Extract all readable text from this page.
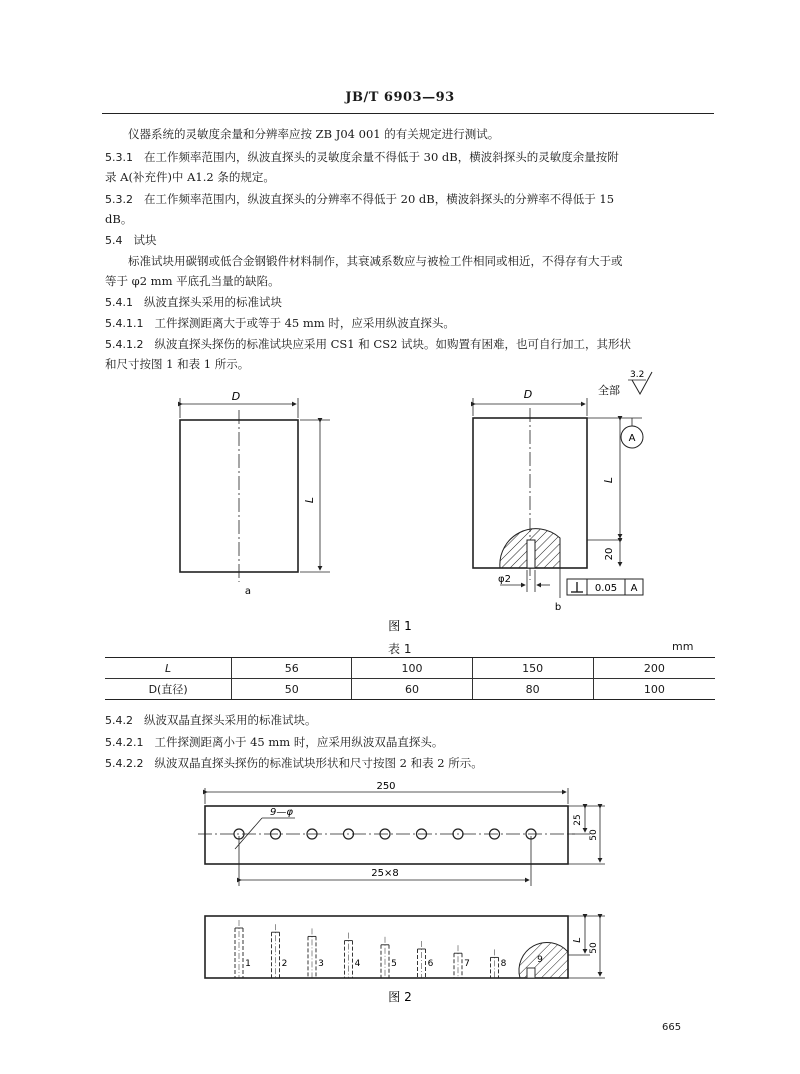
JB/T 6903—93
仪器系统的灵敏度余量和分辨率应按 ZB J04 001 的有关规定进行测试。
5.3.1 在工作频率范围内，纵波直探头的灵敏度余量不得低于 30 dB，横波斜探头的灵敏度余量按附
录 A(补充件)中 A1.2 条的规定。
5.3.2 在工作频率范围内，纵波直探头的分辨率不得低于 20 dB，横波斜探头的分辨率不得低于 15
dB。
5.4 试块
标准试块用碳钢或低合金钢锻件材料制作，其衰减系数应与被检工件相同或相近，不得存有大于或
等于 φ2 mm 平底孔当量的缺陷。
5.4.1 纵波直探头采用的标准试块
5.4.1.1 工件探测距离大于或等于 45 mm 时，应采用纵波直探头。
5.4.1.2 纵波直探头探伤的标准试块应采用 CS1 和 CS2 试块。如购置有困难，也可自行加工，其形状
和尺寸按图 1 和表 1 所示。
D
L
a
D
L
20
全部
3.2
A
φ2
0.05 A
b
图 1
表 1	mm
L	56	100	150	200
D(直径)	50	60	80	100
5.4.2 纵波双晶直探头采用的标准试块。
5.4.2.1 工件探测距离小于 45 mm 时，应采用纵波双晶直探头。
5.4.2.2 纵波双晶直探头探伤的标准试块形状和尺寸按图 2 和表 2 所示。
250
9—φ
25
50
25×8
1	2	3	4	5	6	7	8	9
L
50
图 2
665
